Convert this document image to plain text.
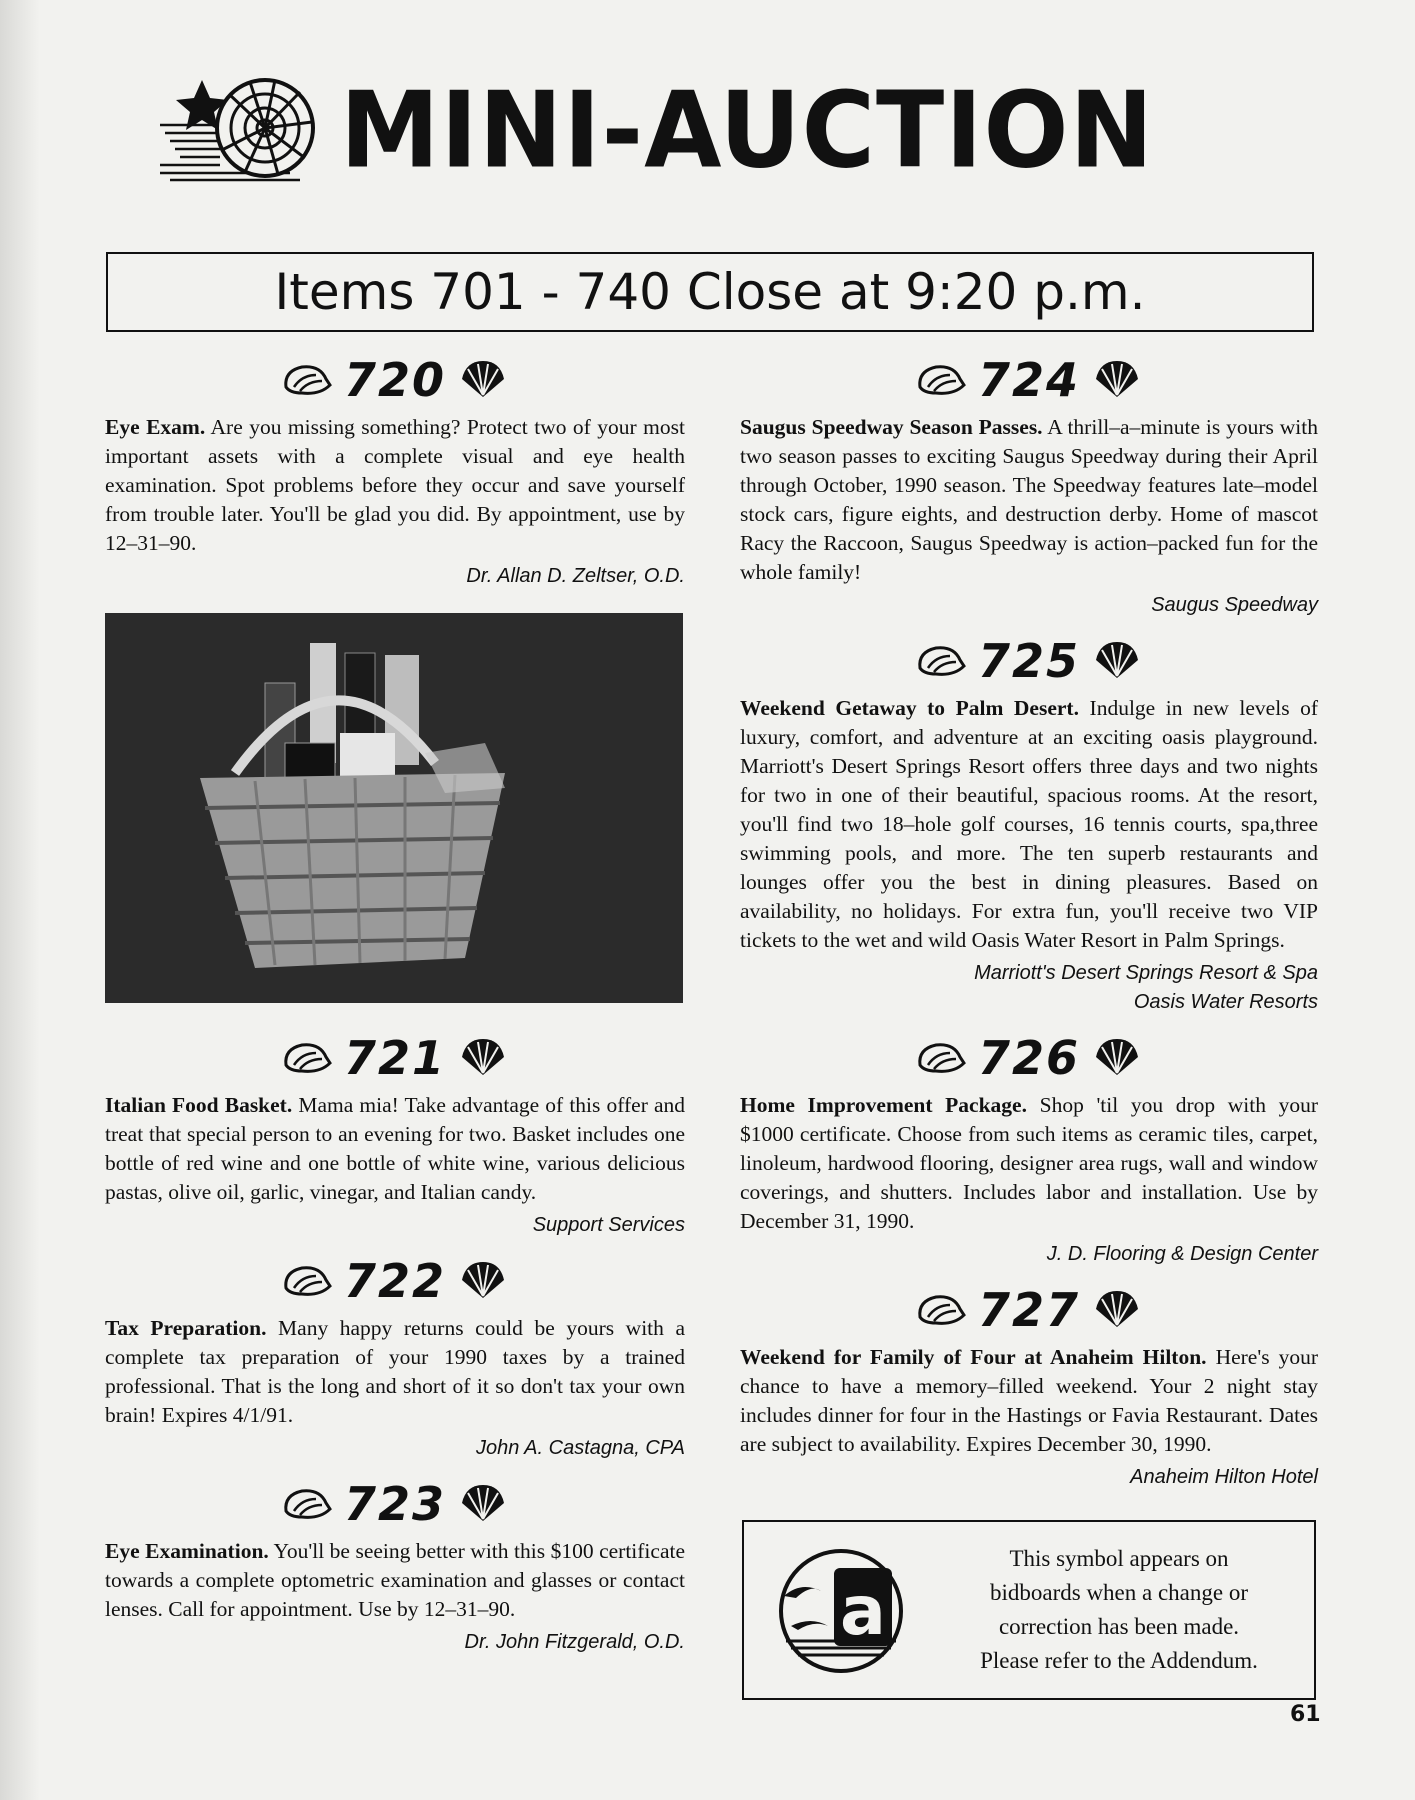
MINI-AUCTION
Items 701 - 740 Close at 9:20 p.m.
720

Eye Exam. Are you missing something? Protect two of your most important assets with a complete visual and eye health examination. Spot problems before they occur and save yourself from trouble later. You'll be glad you did. By appointment, use by 12–31–90.

Dr. Allan D. Zeltser, O.D.

721

Italian Food Basket. Mama mia! Take advantage of this offer and treat that special person to an evening for two. Basket includes one bottle of red wine and one bottle of white wine, various delicious pastas, olive oil, garlic, vinegar, and Italian candy.

Support Services

722

Tax Preparation. Many happy returns could be yours with a complete tax preparation of your 1990 taxes by a trained professional. That is the long and short of it so don't tax your own brain! Expires 4/1/91.

John A. Castagna, CPA

723

Eye Examination. You'll be seeing better with this $100 certificate towards a complete optometric examination and glasses or contact lenses. Call for appointment. Use by 12–31–90.

Dr. John Fitzgerald, O.D.

724

Saugus Speedway Season Passes. A thrill–a–minute is yours with two season passes to exciting Saugus Speedway during their April through October, 1990 season. The Speedway features late–model stock cars, figure eights, and destruction derby. Home of mascot Racy the Raccoon, Saugus Speedway is action–packed fun for the whole family!

Saugus Speedway

725

Weekend Getaway to Palm Desert. Indulge in new levels of luxury, comfort, and adventure at an exciting oasis playground. Marriott's Desert Springs Resort offers three days and two nights for two in one of their beautiful, spacious rooms. At the resort, you'll find two 18–hole golf courses, 16 tennis courts, spa,three swimming pools, and more. The ten superb restaurants and lounges offer you the best in dining pleasures. Based on availability, no holidays. For extra fun, you'll receive two VIP tickets to the wet and wild Oasis Water Resort in Palm Springs.

Marriott's Desert Springs Resort & Spa

Oasis Water Resorts

726

Home Improvement Package. Shop 'til you drop with your $1000 certificate. Choose from such items as ceramic tiles, carpet, linoleum, hardwood flooring, designer area rugs, wall and window coverings, and shutters. Includes labor and installation. Use by December 31, 1990.

J. D. Flooring & Design Center

727

Weekend for Family of Four at Anaheim Hilton. Here's your chance to have a memory–filled weekend. Your 2 night stay includes dinner for four in the Hastings or Favia Restaurant. Dates are subject to availability. Expires December 30, 1990.

Anaheim Hilton Hotel

a
This symbol appears on
bidboards when a change or
correction has been made.
Please refer to the Addendum.
61
